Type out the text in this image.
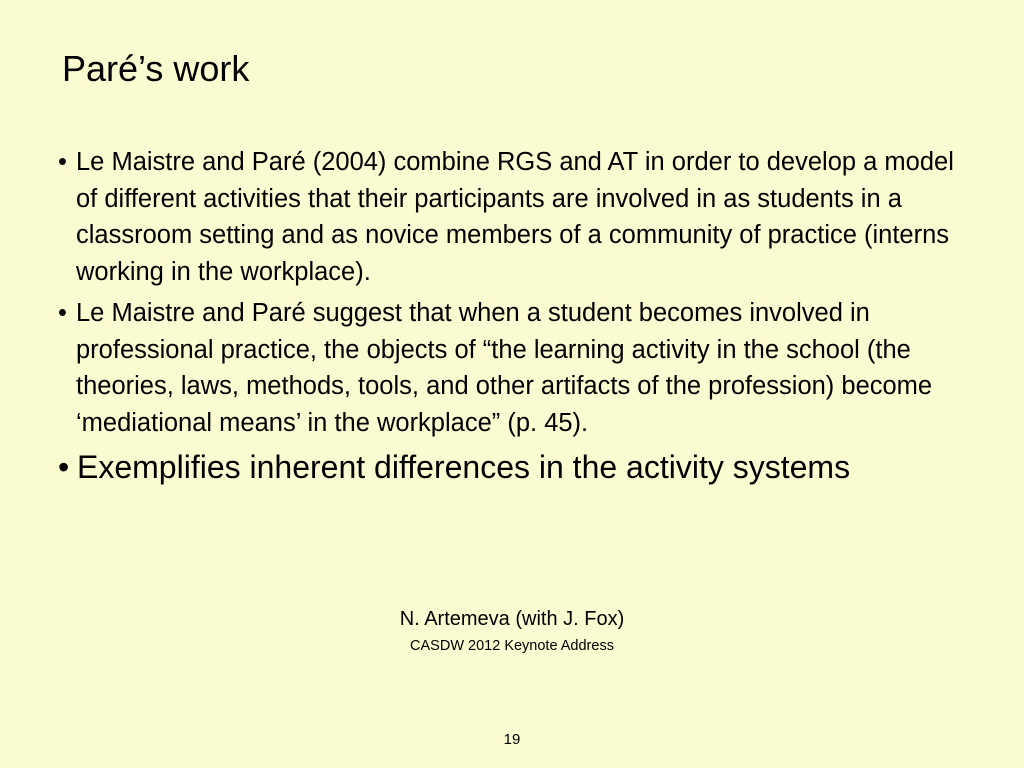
Paré’s work
• Le Maistre and Paré (2004) combine RGS and AT in order to develop a model of different activities that their participants are involved in as students in a classroom setting and as novice members of a community of practice (interns working in the workplace).
• Le Maistre and Paré suggest that when a student becomes involved in professional practice, the objects of “the learning activity in the school (the theories, laws, methods, tools, and other artifacts of the profession) become ‘mediational means’ in the workplace” (p. 45).
• Exemplifies inherent differences in the activity systems
N. Artemeva (with J. Fox)
CASDW 2012 Keynote Address
19
